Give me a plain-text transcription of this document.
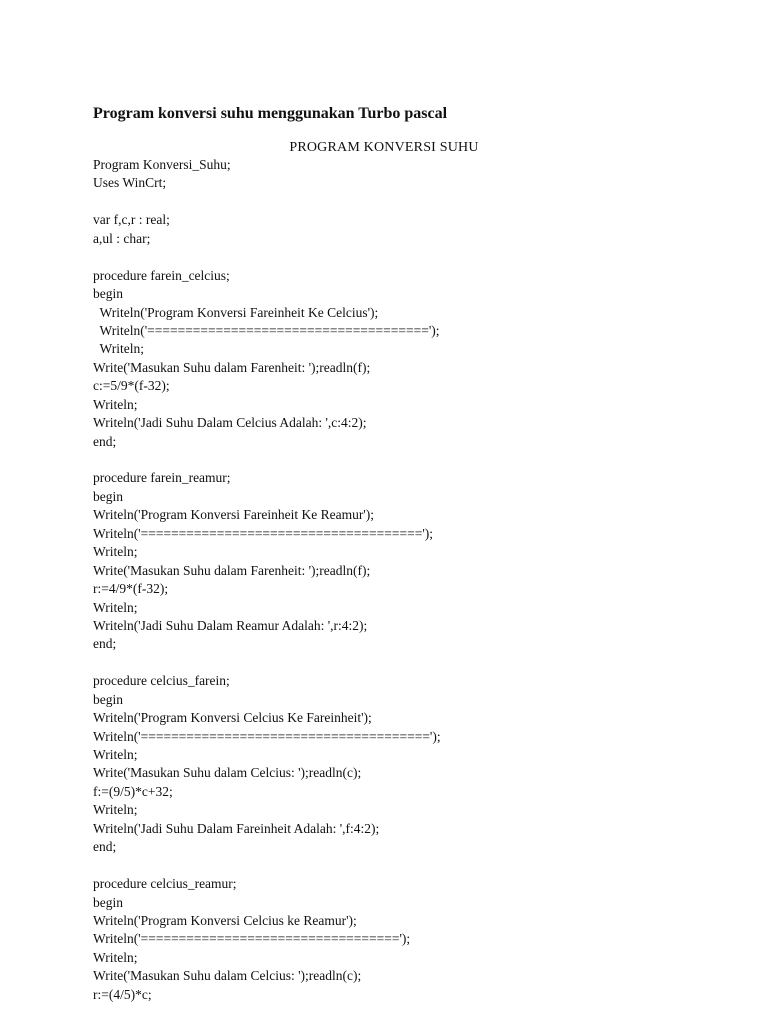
Program konversi suhu menggunakan Turbo pascal
PROGRAM KONVERSI SUHU
Program Konversi_Suhu;
Uses WinCrt;
var f,c,r : real;
a,ul : char;
procedure farein_celcius;
begin
Writeln('Program Konversi Fareinheit Ke Celcius');
Writeln('=====================================');
Writeln;
Write('Masukan Suhu dalam Farenheit: ');readln(f);
c:=5/9*(f-32);
Writeln;
Writeln('Jadi Suhu Dalam Celcius Adalah: ',c:4:2);
end;
procedure farein_reamur;
begin
Writeln('Program Konversi Fareinheit Ke Reamur');
Writeln('=====================================');
Writeln;
Write('Masukan Suhu dalam Farenheit: ');readln(f);
r:=4/9*(f-32);
Writeln;
Writeln('Jadi Suhu Dalam Reamur Adalah: ',r:4:2);
end;
procedure celcius_farein;
begin
Writeln('Program Konversi Celcius Ke Fareinheit');
Writeln('======================================');
Writeln;
Write('Masukan Suhu dalam Celcius: ');readln(c);
f:=(9/5)*c+32;
Writeln;
Writeln('Jadi Suhu Dalam Fareinheit Adalah: ',f:4:2);
end;
procedure celcius_reamur;
begin
Writeln('Program Konversi Celcius ke Reamur');
Writeln('==================================');
Writeln;
Write('Masukan Suhu dalam Celcius: ');readln(c);
r:=(4/5)*c;
